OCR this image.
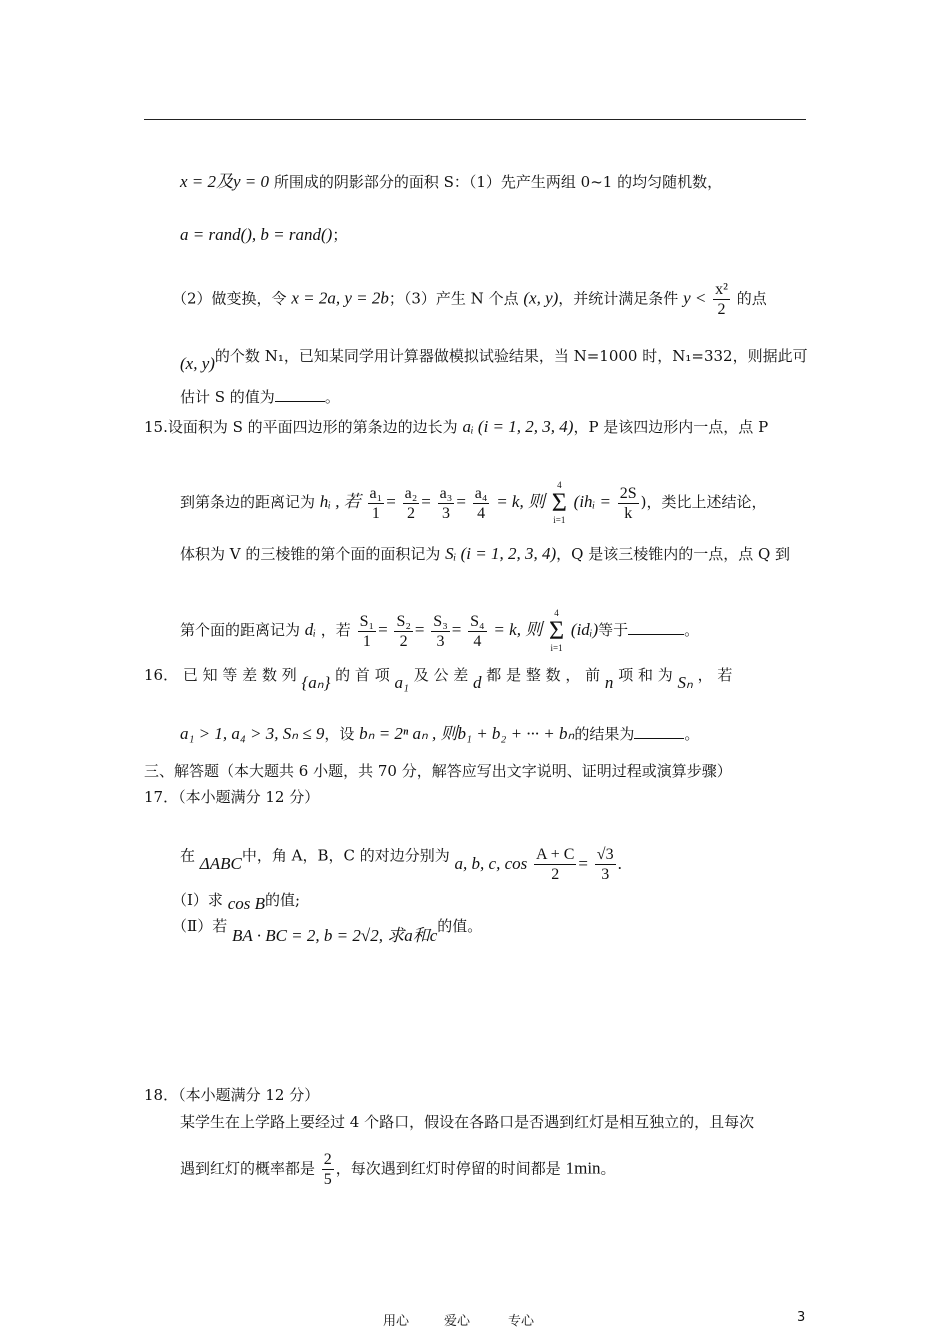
x = 2及y = 0 所围成的阴影部分的面积 S：（1）先产生两组 0~1 的均匀随机数，
a = rand(), b = rand()；
（2）做变换，令 x = 2a, y = 2b；（3）产生 N 个点 (x, y)，并统计满足条件 $y < \frac{\text{x²}}{2}$ 的点
(x, y)的个数 N₁，已知某同学用计算器做模拟试验结果，当 N=1000 时，N₁=332，则据此可
估计 S 的值为	。
15.设面积为 S 的平面四边形的第条边的边长为 aᵢ (i = 1, 2, 3, 4)，P 是该四边形内一点，点 P
到第条边的距离记为 hᵢ , 若 $\frac{\text{a₁}}{1} = \frac{\text{a₂}}{2} = \frac{\text{a₃}}{3} = \frac{\text{a₄}}{4} = k$, 则
4
Σ
i=1
(ihᵢ = $\frac{2S}{k}$ )，类比上述结论，
体积为 V 的三棱锥的第个面的面积记为 Sᵢ (i = 1, 2, 3, 4)，Q 是该三棱锥内的一点，点 Q 到
第个面的距离记为 dᵢ ，若 $\frac{\text{S₁}}{1} = \frac{\text{S₂}}{2} = \frac{\text{S₃}}{3} = \frac{\text{S₄}}{4} = k$, 则
4
Σ
i=1
(idᵢ)等于	。
16． 已 知 等 差 数 列 {aₙ} 的 首 项 a₁ 及 公 差 d 都 是 整 数 ， 前 n 项 和 为 Sₙ ， 若
a₁ > 1, a₄ > 3, Sₙ ≤ 9，设 bₙ = 2ⁿ aₙ , 则b₁ + b₂ + ··· + bₙ的结果为	。
三、解答题（本大题共 6 小题，共 70 分，解答应写出文字说明、证明过程或演算步骤）
17．（本小题满分 12 分）
在 ΔABC中，角 A，B，C 的对边分别为 a, b, c, $\cos \frac{A + C}{2} = \frac{√3}{3}$ .
（Ⅰ）求 cos B的值;
（Ⅱ）若 BA · BC = 2, b = 2√2, 求a和c的值。
18．（本小题满分 12 分）
某学生在上学路上要经过 4 个路口，假设在各路口是否遇到红灯是相互独立的，且每次
遇到红灯的概率都是 $\frac{2}{5}$ ，每次遇到红灯时停留的时间都是 1min。
用心	爱心	专心	3
